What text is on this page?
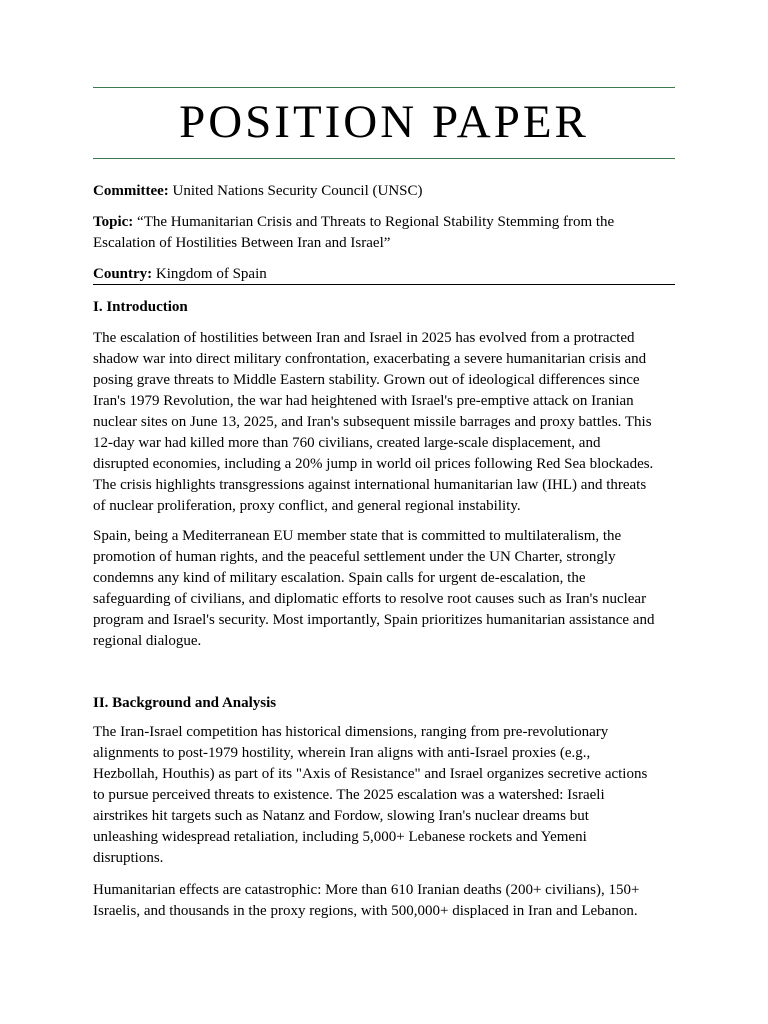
POSITION PAPER

Committee: United Nations Security Council (UNSC)

Topic: “The Humanitarian Crisis and Threats to Regional Stability Stemming from the
Escalation of Hostilities Between Iran and Israel”

Country: Kingdom of Spain

I. Introduction

The escalation of hostilities between Iran and Israel in 2025 has evolved from a protracted
shadow war into direct military confrontation, exacerbating a severe humanitarian crisis and
posing grave threats to Middle Eastern stability. Grown out of ideological differences since
Iran's 1979 Revolution, the war had heightened with Israel's pre-emptive attack on Iranian
nuclear sites on June 13, 2025, and Iran's subsequent missile barrages and proxy battles. This
12-day war had killed more than 760 civilians, created large-scale displacement, and
disrupted economies, including a 20% jump in world oil prices following Red Sea blockades.
The crisis highlights transgressions against international humanitarian law (IHL) and threats
of nuclear proliferation, proxy conflict, and general regional instability.

Spain, being a Mediterranean EU member state that is committed to multilateralism, the
promotion of human rights, and the peaceful settlement under the UN Charter, strongly
condemns any kind of military escalation. Spain calls for urgent de-escalation, the
safeguarding of civilians, and diplomatic efforts to resolve root causes such as Iran's nuclear
program and Israel's security. Most importantly, Spain prioritizes humanitarian assistance and
regional dialogue.

II. Background and Analysis

The Iran-Israel competition has historical dimensions, ranging from pre-revolutionary
alignments to post-1979 hostility, wherein Iran aligns with anti-Israel proxies (e.g.,
Hezbollah, Houthis) as part of its "Axis of Resistance" and Israel organizes secretive actions
to pursue perceived threats to existence. The 2025 escalation was a watershed: Israeli
airstrikes hit targets such as Natanz and Fordow, slowing Iran's nuclear dreams but
unleashing widespread retaliation, including 5,000+ Lebanese rockets and Yemeni
disruptions.

Humanitarian effects are catastrophic: More than 610 Iranian deaths (200+ civilians), 150+
Israelis, and thousands in the proxy regions, with 500,000+ displaced in Iran and Lebanon.
